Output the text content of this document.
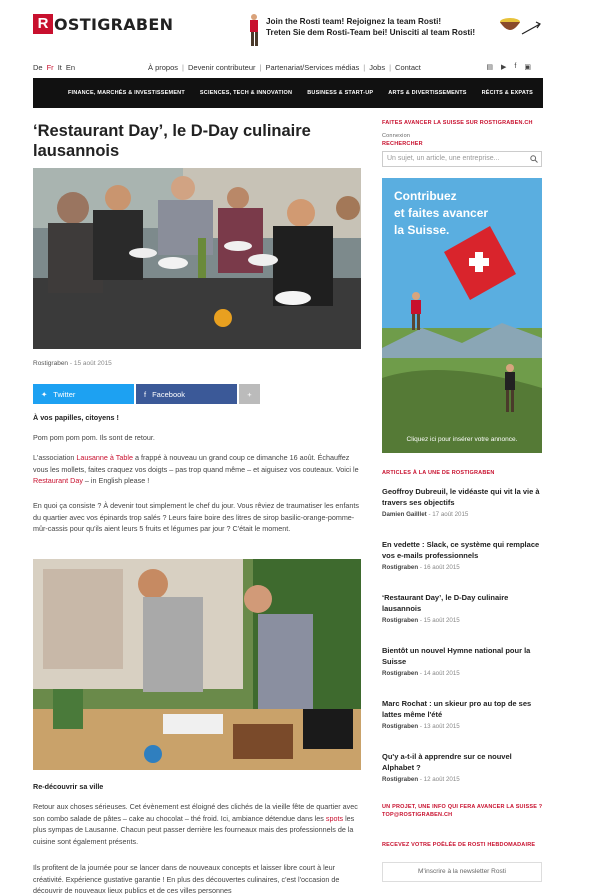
R OSTIGRABEN	Join the Rosti team! Rejoignez la team Rosti!
Treten Sie dem Rosti-Team bei! Unisciti al team Rosti!
De Fr It En	À propos | Devenir contributeur | Partenariat/Services médias | Jobs | Contact	▤ ▶ f ▣
FINANCE, MARCHÉS & INVESTISSEMENT	SCIENCES, TECH & INNOVATION	BUSINESS & START-UP	ARTS & DIVERTISSEMENTS	RÉCITS & EXPATS
‘Restaurant Day’, le D-Day culinaire lausannois
Rostigraben - 15 août 2015
✦ Twitter	f Facebook	+
À vos papilles, citoyens !
Pom pom pom pom. Ils sont de retour.
L'association Lausanne à Table a frappé à nouveau un grand coup ce dimanche 16 août. Échauffez vous les mollets, faites craquez vos doigts – pas trop quand même – et aiguisez vos couteaux. Voici le Restaurant Day – in English please !
En quoi ça consiste ? À devenir tout simplement le chef du jour. Vous rêviez de traumatiser les enfants du quartier avec vos épinards trop salés ? Leurs faire boire des litres de sirop basilic-orange-pomme-mûr-cassis pour qu'ils aient leurs 5 fruits et légumes par jour ? C'était le moment.
Re-découvrir sa ville
Retour aux choses sérieuses. Cet évènement est éloigné des clichés de la vieille fête de quartier avec son combo salade de pâtes – cake au chocolat – thé froid. Ici, ambiance détendue dans les spots les plus sympas de Lausanne. Chacun peut passer derrière les fourneaux mais des professionnels de la cuisine sont également présents.
Ils profitent de la journée pour se lancer dans de nouveaux concepts et laisser libre court à leur créativité. Expérience gustative garantie ! En plus des découvertes culinaires, c'est l'occasion de découvrir de nouveaux lieux publics et de ces villes personnes
FAITES AVANCER LA SUISSE SUR ROSTIGRABEN.CH
Connexion
RECHERCHER
Un sujet, un article, une entreprise...
Contribuez
et faites avancer
la Suisse.
Cliquez ici pour insérer votre annonce.
ARTICLES À LA UNE DE ROSTIGRABEN
Geoffroy Dubreuil, le vidéaste qui vit la vie à travers ses objectifs
Damien Gailllet - 17 août 2015
En vedette : Slack, ce système qui remplace vos e-mails professionnels
Rostigraben - 16 août 2015
‘Restaurant Day’, le D-Day culinaire lausannois
Rostigraben - 15 août 2015
Bientôt un nouvel Hymne national pour la Suisse
Rostigraben - 14 août 2015
Marc Rochat : un skieur pro au top de ses lattes même l'été
Rostigraben - 13 août 2015
Qu'y a-t-il à apprendre sur ce nouvel Alphabet ?
Rostigraben - 12 août 2015
UN PROJET, UNE INFO QUI FERA AVANCER LA SUISSE ? TOP@ROSTIGRABEN.CH
RECEVEZ VOTRE POËLÉE DE ROSTI HEBDOMADAIRE
M'inscrire à la newsletter Rosti
